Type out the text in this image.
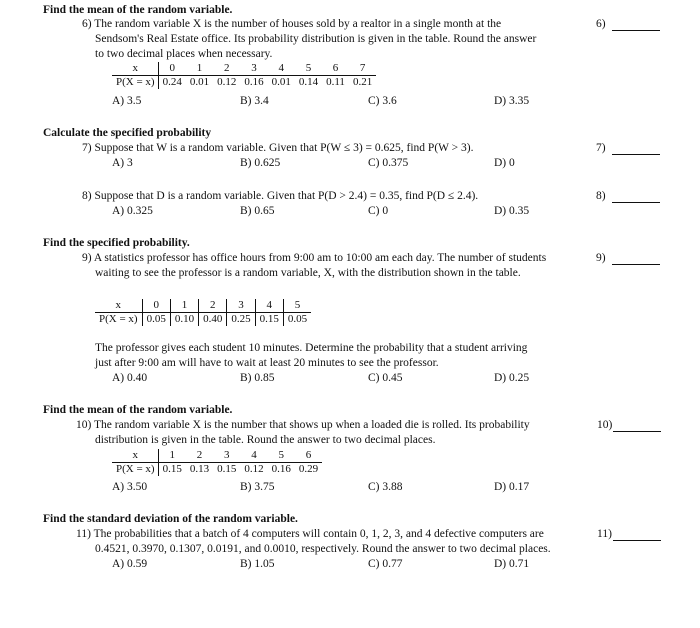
Find the mean of the random variable.
6) The random variable X is the number of houses sold by a realtor in a single month at the
Sendsom's Real Estate office. Its probability distribution is given in the table. Round the answer
to two decimal places when necessary.
6)
x	0	1	2	3	4	5	6	7
P(X = x)	0.24	0.01	0.12	0.16	0.01	0.14	0.11	0.21
A) 3.5	B) 3.4	C) 3.6	D) 3.35
Calculate the specified probability
7) Suppose that W is a random variable. Given that P(W ≤ 3) = 0.625, find P(W > 3).	7)
A) 3	B) 0.625	C) 0.375	D) 0
8) Suppose that D is a random variable. Given that P(D > 2.4) = 0.35, find P(D ≤ 2.4).	8)
A) 0.325	B) 0.65	C) 0	D) 0.35
Find the specified probability.
9) A statistics professor has office hours from 9:00 am to 10:00 am each day. The number of students
waiting to see the professor is a random variable, X, with the distribution shown in the table.
9)
x	0	1	2	3	4	5
P(X = x)	0.05	0.10	0.40	0.25	0.15	0.05
The professor gives each student 10 minutes. Determine the probability that a student arriving
just after 9:00 am will have to wait at least 20 minutes to see the professor.
A) 0.40	B) 0.85	C) 0.45	D) 0.25
Find the mean of the random variable.
10) The random variable X is the number that shows up when a loaded die is rolled. Its probability
distribution is given in the table. Round the answer to two decimal places.
10)
x	1	2	3	4	5	6
P(X = x)	0.15	0.13	0.15	0.12	0.16	0.29
A) 3.50	B) 3.75	C) 3.88	D) 0.17
Find the standard deviation of the random variable.
11) The probabilities that a batch of 4 computers will contain 0, 1, 2, 3, and 4 defective computers are
0.4521, 0.3970, 0.1307, 0.0191, and 0.0010, respectively. Round the answer to two decimal places.
11)
A) 0.59	B) 1.05	C) 0.77	D) 0.71
